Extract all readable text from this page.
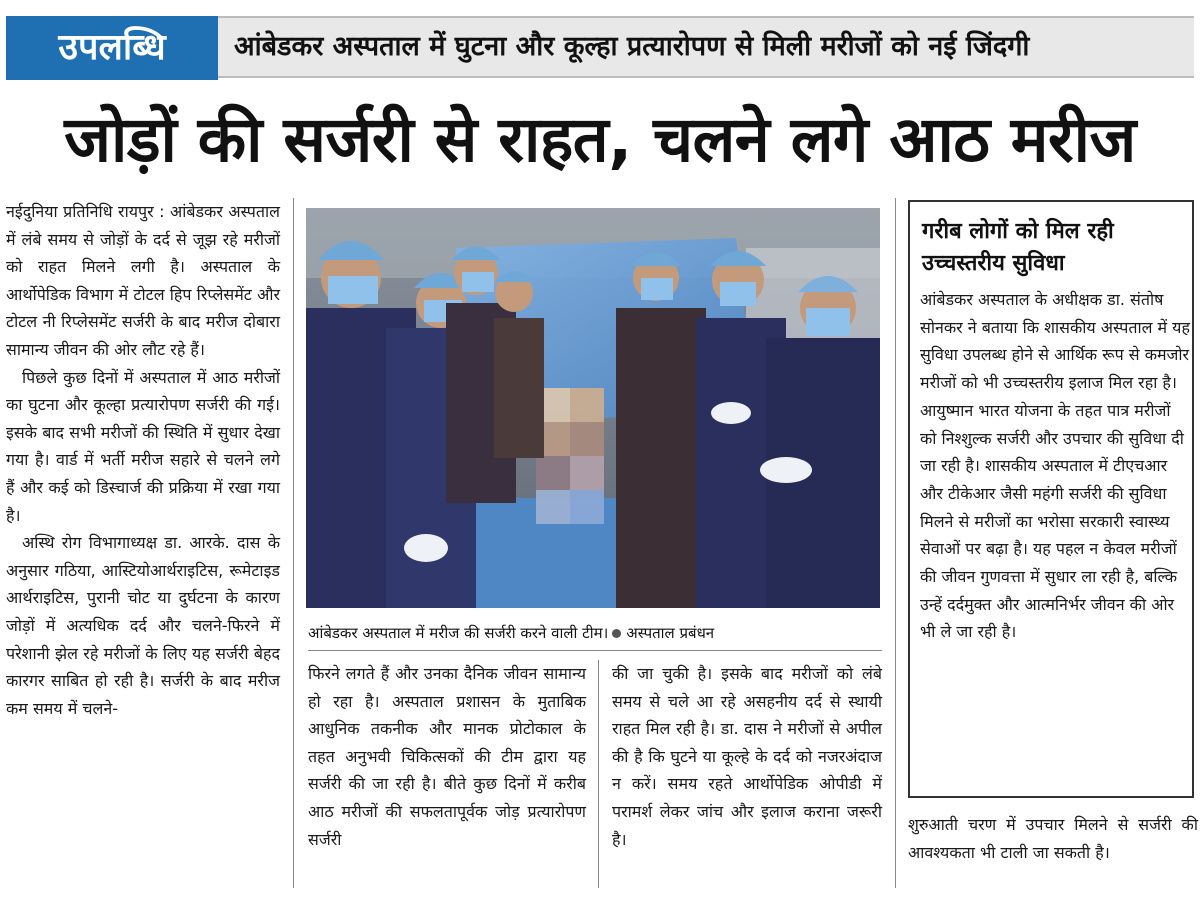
उपलब्धि	आंबेडकर अस्पताल में घुटना और कूल्हा प्रत्यारोपण से मिली मरीजों को नई जिंदगी
जोड़ों की सर्जरी से राहत, चलने लगे आठ मरीज

नईदुनिया प्रतिनिधि रायपुर : आंबेडकर अस्पताल में लंबे समय से जोड़ों के दर्द से जूझ रहे मरीजों को राहत मिलने लगी है। अस्पताल के आर्थोपेडिक विभाग में टोटल हिप रिप्लेसमेंट और टोटल नी रिप्लेसमेंट सर्जरी के बाद मरीज दोबारा सामान्य जीवन की ओर लौट रहे हैं।

पिछले कुछ दिनों में अस्पताल में आठ मरीजों का घुटना और कूल्हा प्रत्यारोपण सर्जरी की गई। इसके बाद सभी मरीजों की स्थिति में सुधार देखा गया है। वार्ड में भर्ती मरीज सहारे से चलने लगे हैं और कई को डिस्चार्ज की प्रक्रिया में रखा गया है।

अस्थि रोग विभागाध्यक्ष डा. आरके. दास के अनुसार गठिया, आस्टियोआर्थराइटिस, रूमेटाइड आर्थराइटिस, पुरानी चोट या दुर्घटना के कारण जोड़ों में अत्यधिक दर्द और चलने-फिरने में परेशानी झेल रहे मरीजों के लिए यह सर्जरी बेहद कारगर साबित हो रही है। सर्जरी के बाद मरीज कम समय में चलने-

आंबेडकर अस्पताल में मरीज की सर्जरी करने वाली टीम। अस्पताल प्रबंधन

फिरने लगते हैं और उनका दैनिक जीवन सामान्य हो रहा है। अस्पताल प्रशासन के मुताबिक आधुनिक तकनीक और मानक प्रोटोकाल के तहत अनुभवी चिकित्सकों की टीम द्वारा यह सर्जरी की जा रही है। बीते कुछ दिनों में करीब आठ मरीजों की सफलतापूर्वक जोड़ प्रत्यारोपण सर्जरी

की जा चुकी है। इसके बाद मरीजों को लंबे समय से चले आ रहे असहनीय दर्द से स्थायी राहत मिल रही है। डा. दास ने मरीजों से अपील की है कि घुटने या कूल्हे के दर्द को नजरअंदाज न करें। समय रहते आर्थोपेडिक ओपीडी में परामर्श लेकर जांच और इलाज कराना जरूरी है।

गरीब लोगों को मिल रही उच्चस्तरीय सुविधा
आंबेडकर अस्पताल के अधीक्षक डा. संतोष सोनकर ने बताया कि शासकीय अस्पताल में यह सुविधा उपलब्ध होने से आर्थिक रूप से कमजोर मरीजों को भी उच्चस्तरीय इलाज मिल रहा है। आयुष्मान भारत योजना के तहत पात्र मरीजों को निश्शुल्क सर्जरी और उपचार की सुविधा दी जा रही है। शासकीय अस्पताल में टीएचआर और टीकेआर जैसी महंगी सर्जरी की सुविधा मिलने से मरीजों का भरोसा सरकारी स्वास्थ्य सेवाओं पर बढ़ा है। यह पहल न केवल मरीजों की जीवन गुणवत्ता में सुधार ला रही है, बल्कि उन्हें दर्दमुक्त और आत्मनिर्भर जीवन की ओर भी ले जा रही है।

शुरुआती चरण में उपचार मिलने से सर्जरी की आवश्यकता भी टाली जा सकती है।
